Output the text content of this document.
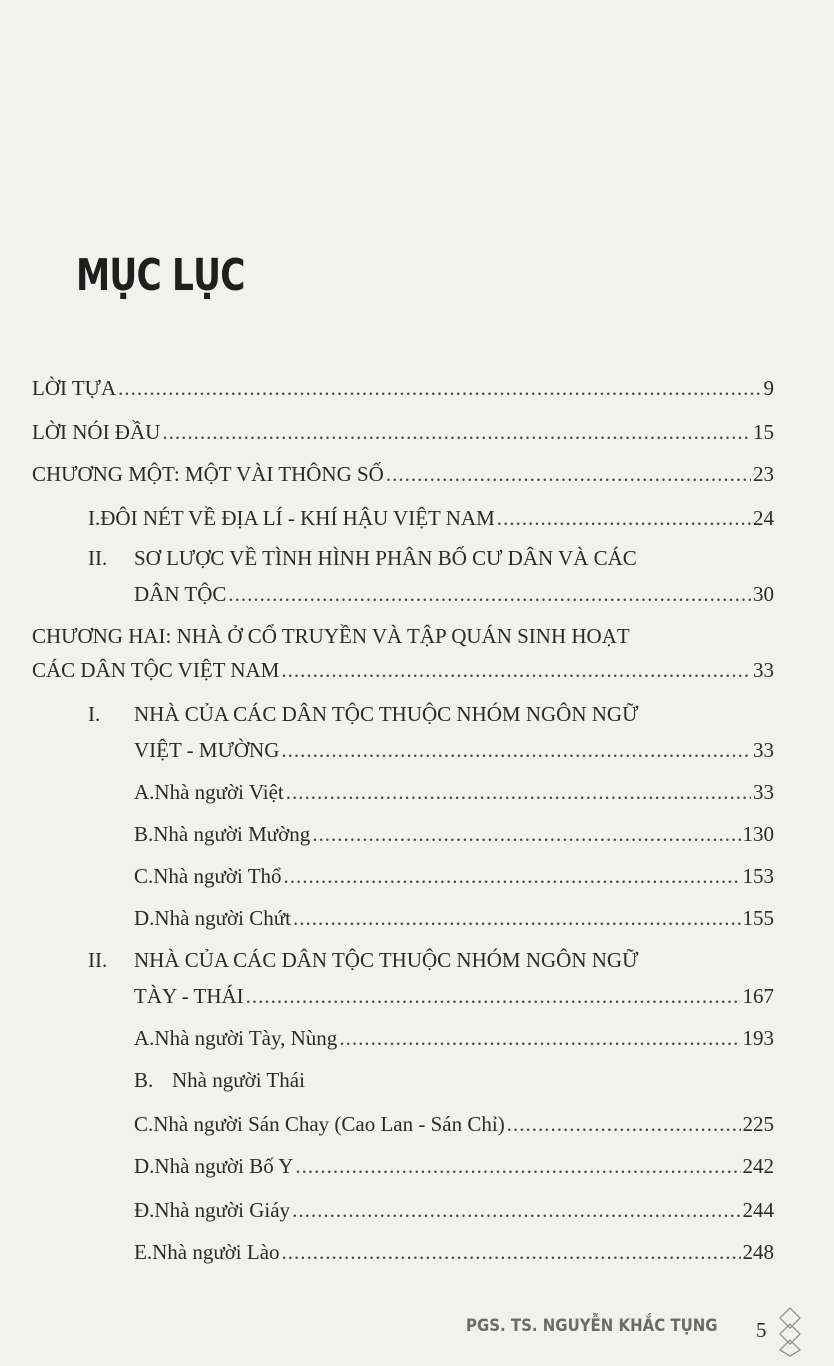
MỤC LỤC
LỜI TỰA .....	9
LỜI NÓI ĐẦU .....	15
CHƯƠNG MỘT: MỘT VÀI THÔNG SỐ .....	23
I. ĐÔI NÉT VỀ ĐỊA LÍ - KHÍ HẬU VIỆT NAM .....	24
II. SƠ LƯỢC VỀ TÌNH HÌNH PHÂN BỐ CƯ DÂN VÀ CÁC
DÂN TỘC .....	30
CHƯƠNG HAI: NHÀ Ở CỔ TRUYỀN VÀ TẬP QUÁN SINH HOẠT
CÁC DÂN TỘC VIỆT NAM .....	33
I. NHÀ CỦA CÁC DÂN TỘC THUỘC NHÓM NGÔN NGỮ
VIỆT - MƯỜNG .....	33
A. Nhà người Việt .....	33
B. Nhà người Mường .....	130
C. Nhà người Thổ .....	153
D. Nhà người Chứt .....	155
II. NHÀ CỦA CÁC DÂN TỘC THUỘC NHÓM NGÔN NGỮ
TÀY - THÁI .....	167
A. Nhà người Tày, Nùng .....	193
B. Nhà người Thái
C. Nhà người Sán Chay (Cao Lan - Sán Chỉ) .....	225
D. Nhà người Bố Y .....	242
Đ. Nhà người Giáy .....	244
E. Nhà người Lào .....	248
PGS. TS. NGUYỄN KHẮC TỤNG 5
